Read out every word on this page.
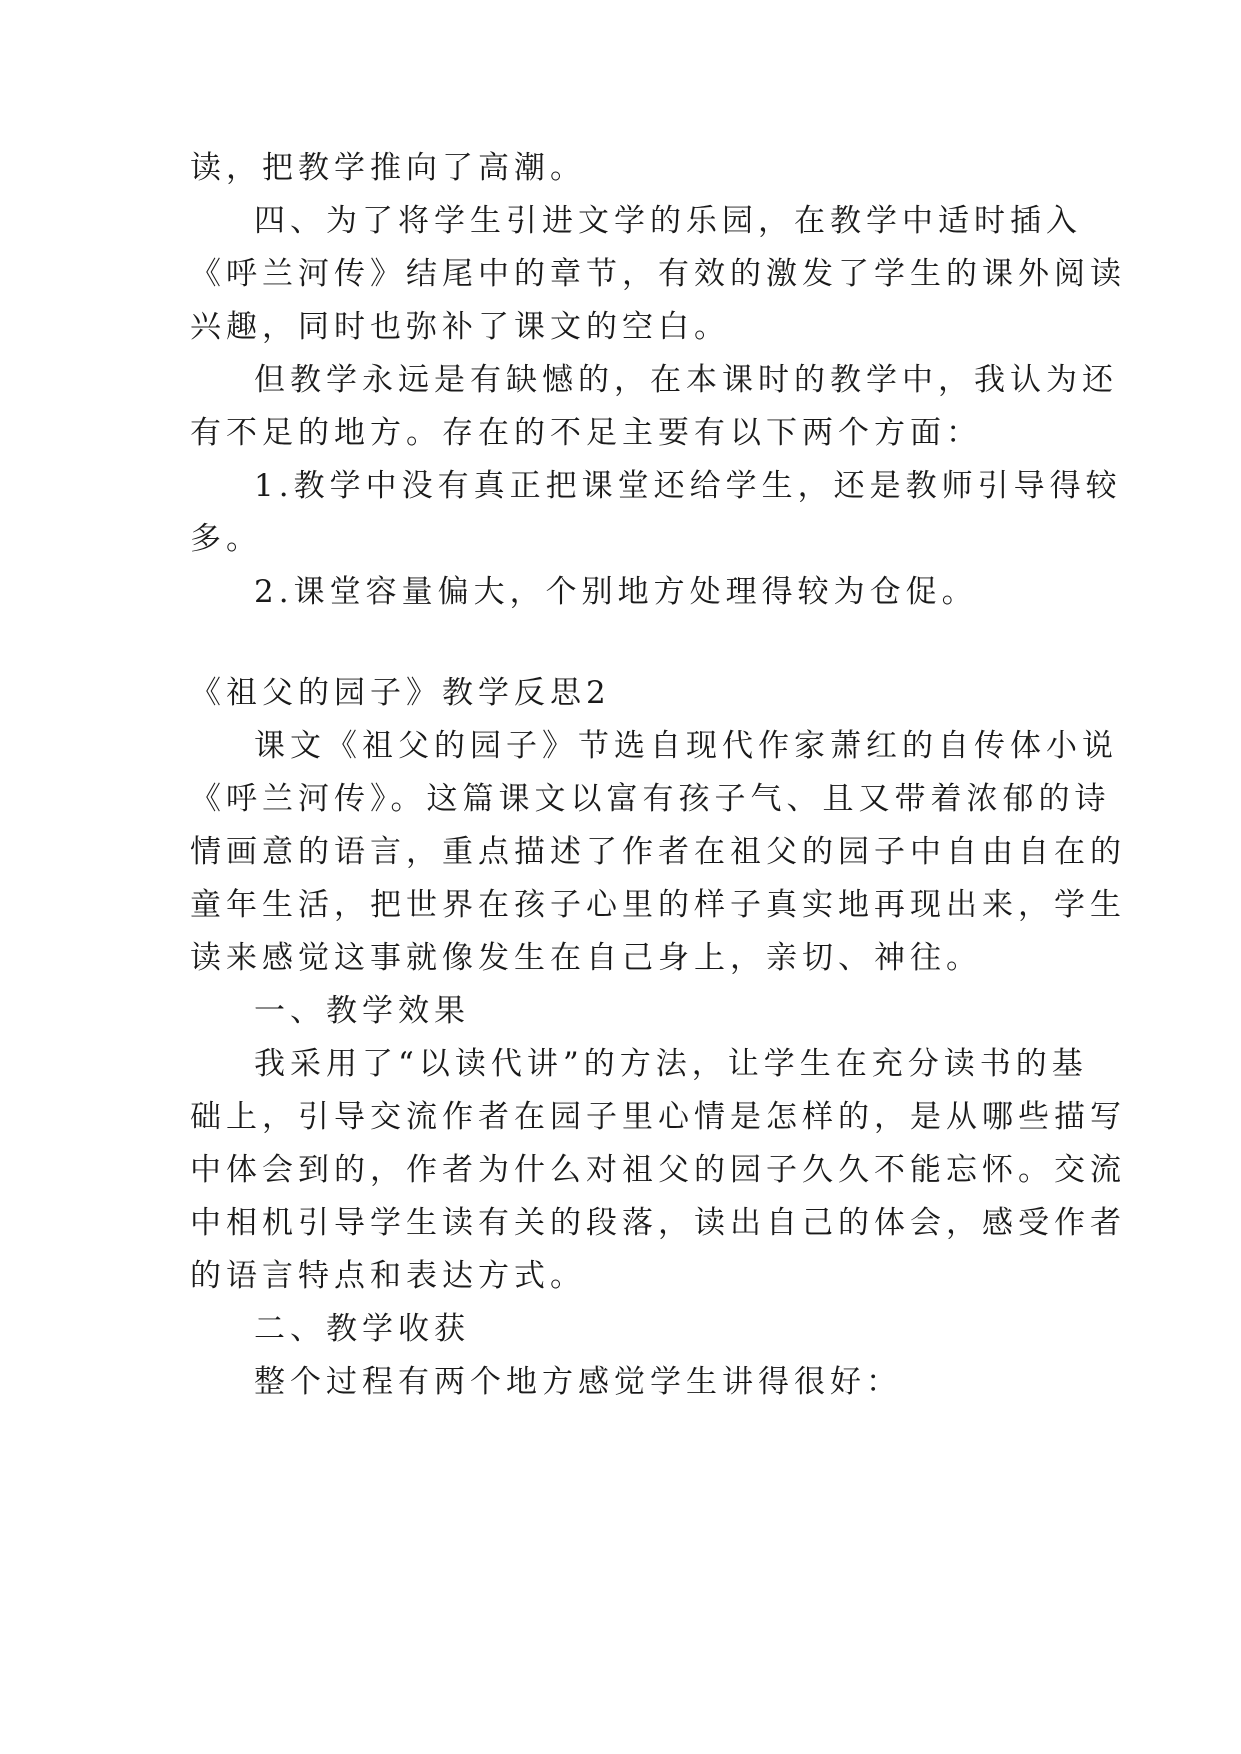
读，把教学推向了高潮。
四、为了将学生引进文学的乐园，在教学中适时插入
《呼兰河传》结尾中的章节，有效的激发了学生的课外阅读
兴趣，同时也弥补了课文的空白。
但教学永远是有缺憾的，在本课时的教学中，我认为还
有不足的地方。存在的不足主要有以下两个方面：
1.教学中没有真正把课堂还给学生，还是教师引导得较
多。
2.课堂容量偏大，个别地方处理得较为仓促。
《祖父的园子》教学反思2
课文《祖父的园子》节选自现代作家萧红的自传体小说
《呼兰河传》。这篇课文以富有孩子气、且又带着浓郁的诗
情画意的语言，重点描述了作者在祖父的园子中自由自在的
童年生活，把世界在孩子心里的样子真实地再现出来，学生
读来感觉这事就像发生在自己身上，亲切、神往。
一、教学效果
我采用了“以读代讲”的方法，让学生在充分读书的基
础上，引导交流作者在园子里心情是怎样的，是从哪些描写
中体会到的，作者为什么对祖父的园子久久不能忘怀。交流
中相机引导学生读有关的段落，读出自己的体会，感受作者
的语言特点和表达方式。
二、教学收获
整个过程有两个地方感觉学生讲得很好：
